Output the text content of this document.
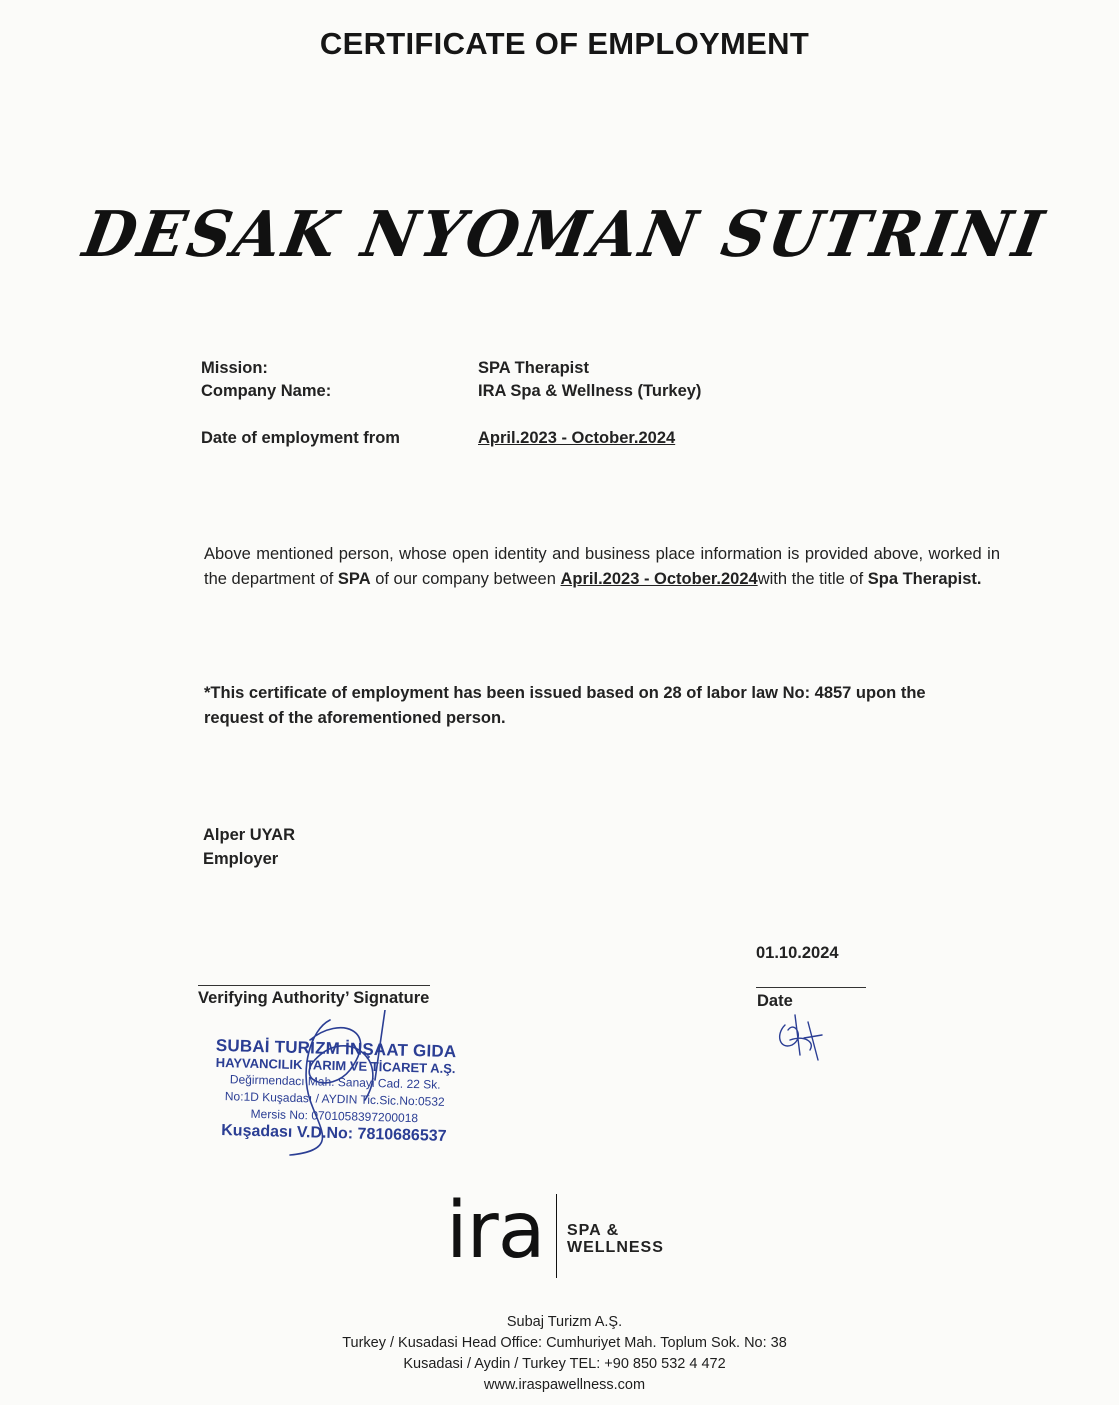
CERTIFICATE OF EMPLOYMENT
DESAK NYOMAN SUTRINI
Mission:	SPA Therapist
Company Name:	IRA Spa & Wellness (Turkey)
Date of employment from	April.2023 - October.2024
Above mentioned person, whose open identity and business place information is provided above, worked in the department of SPA of our company between April.2023 - October.2024with the title of Spa Therapist.
*This certificate of employment has been issued based on 28 of labor law No: 4857 upon the request of the aforementioned person.
Alper UYAR
Employer
01.10.2024
Verifying Authority’ Signature	Date
SUBAİ TURİZM İNŞAAT GIDA
HAYVANCILIK TARIM VE TİCARET A.Ş.
Değirmendacı Mah. Sanayi Cad. 22 Sk.
No:1D Kuşadası / AYDIN Tic.Sic.No:0532
Mersis No: 0701058397200018
Kuşadası V.D.No: 7810686537
ira SPA &
WELLNESS
Subaj Turizm A.Ş.
Turkey / Kusadasi Head Office: Cumhuriyet Mah. Toplum Sok. No: 38
Kusadasi / Aydin / Turkey TEL: +90 850 532 4 472
www.iraspawellness.com
